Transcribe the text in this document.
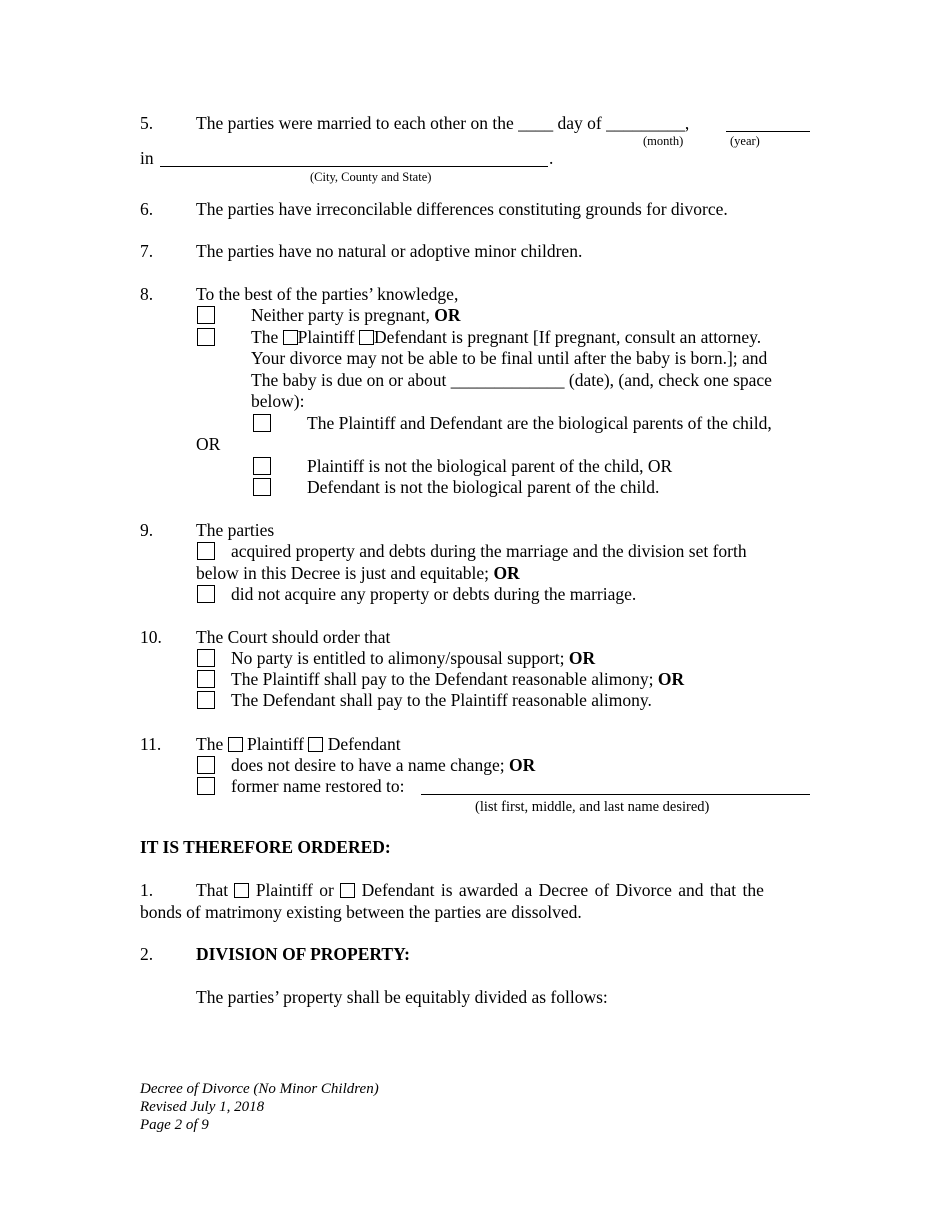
5. The parties were married to each other on the ____ day of _________,
(month)	(year)
in	.
(City, County and State)
6. The parties have irreconcilable differences constituting grounds for divorce.
7. The parties have no natural or adoptive minor children.
8. To the best of the parties’ knowledge,
Neither party is pregnant, OR
The Plaintiff Defendant is pregnant [If pregnant, consult an attorney.
Your divorce may not be able to be final until after the baby is born.]; and
The baby is due on or about _____________ (date), (and, check one space
below):
The Plaintiff and Defendant are the biological parents of the child,
OR
Plaintiff is not the biological parent of the child, OR
Defendant is not the biological parent of the child.
9. The parties
acquired property and debts during the marriage and the division set forth
below in this Decree is just and equitable; OR
did not acquire any property or debts during the marriage.
10. The Court should order that
No party is entitled to alimony/spousal support; OR
The Plaintiff shall pay to the Defendant reasonable alimony; OR
The Defendant shall pay to the Plaintiff reasonable alimony.
11. The Plaintiff Defendant
does not desire to have a name change; OR
former name restored to:
(list first, middle, and last name desired)
IT IS THEREFORE ORDERED:
1. That Plaintiff or Defendant is awarded a Decree of Divorce and that the
bonds of matrimony existing between the parties are dissolved.
2. DIVISION OF PROPERTY:
The parties’ property shall be equitably divided as follows:
Decree of Divorce (No Minor Children)
Revised July 1, 2018
Page 2 of 9
